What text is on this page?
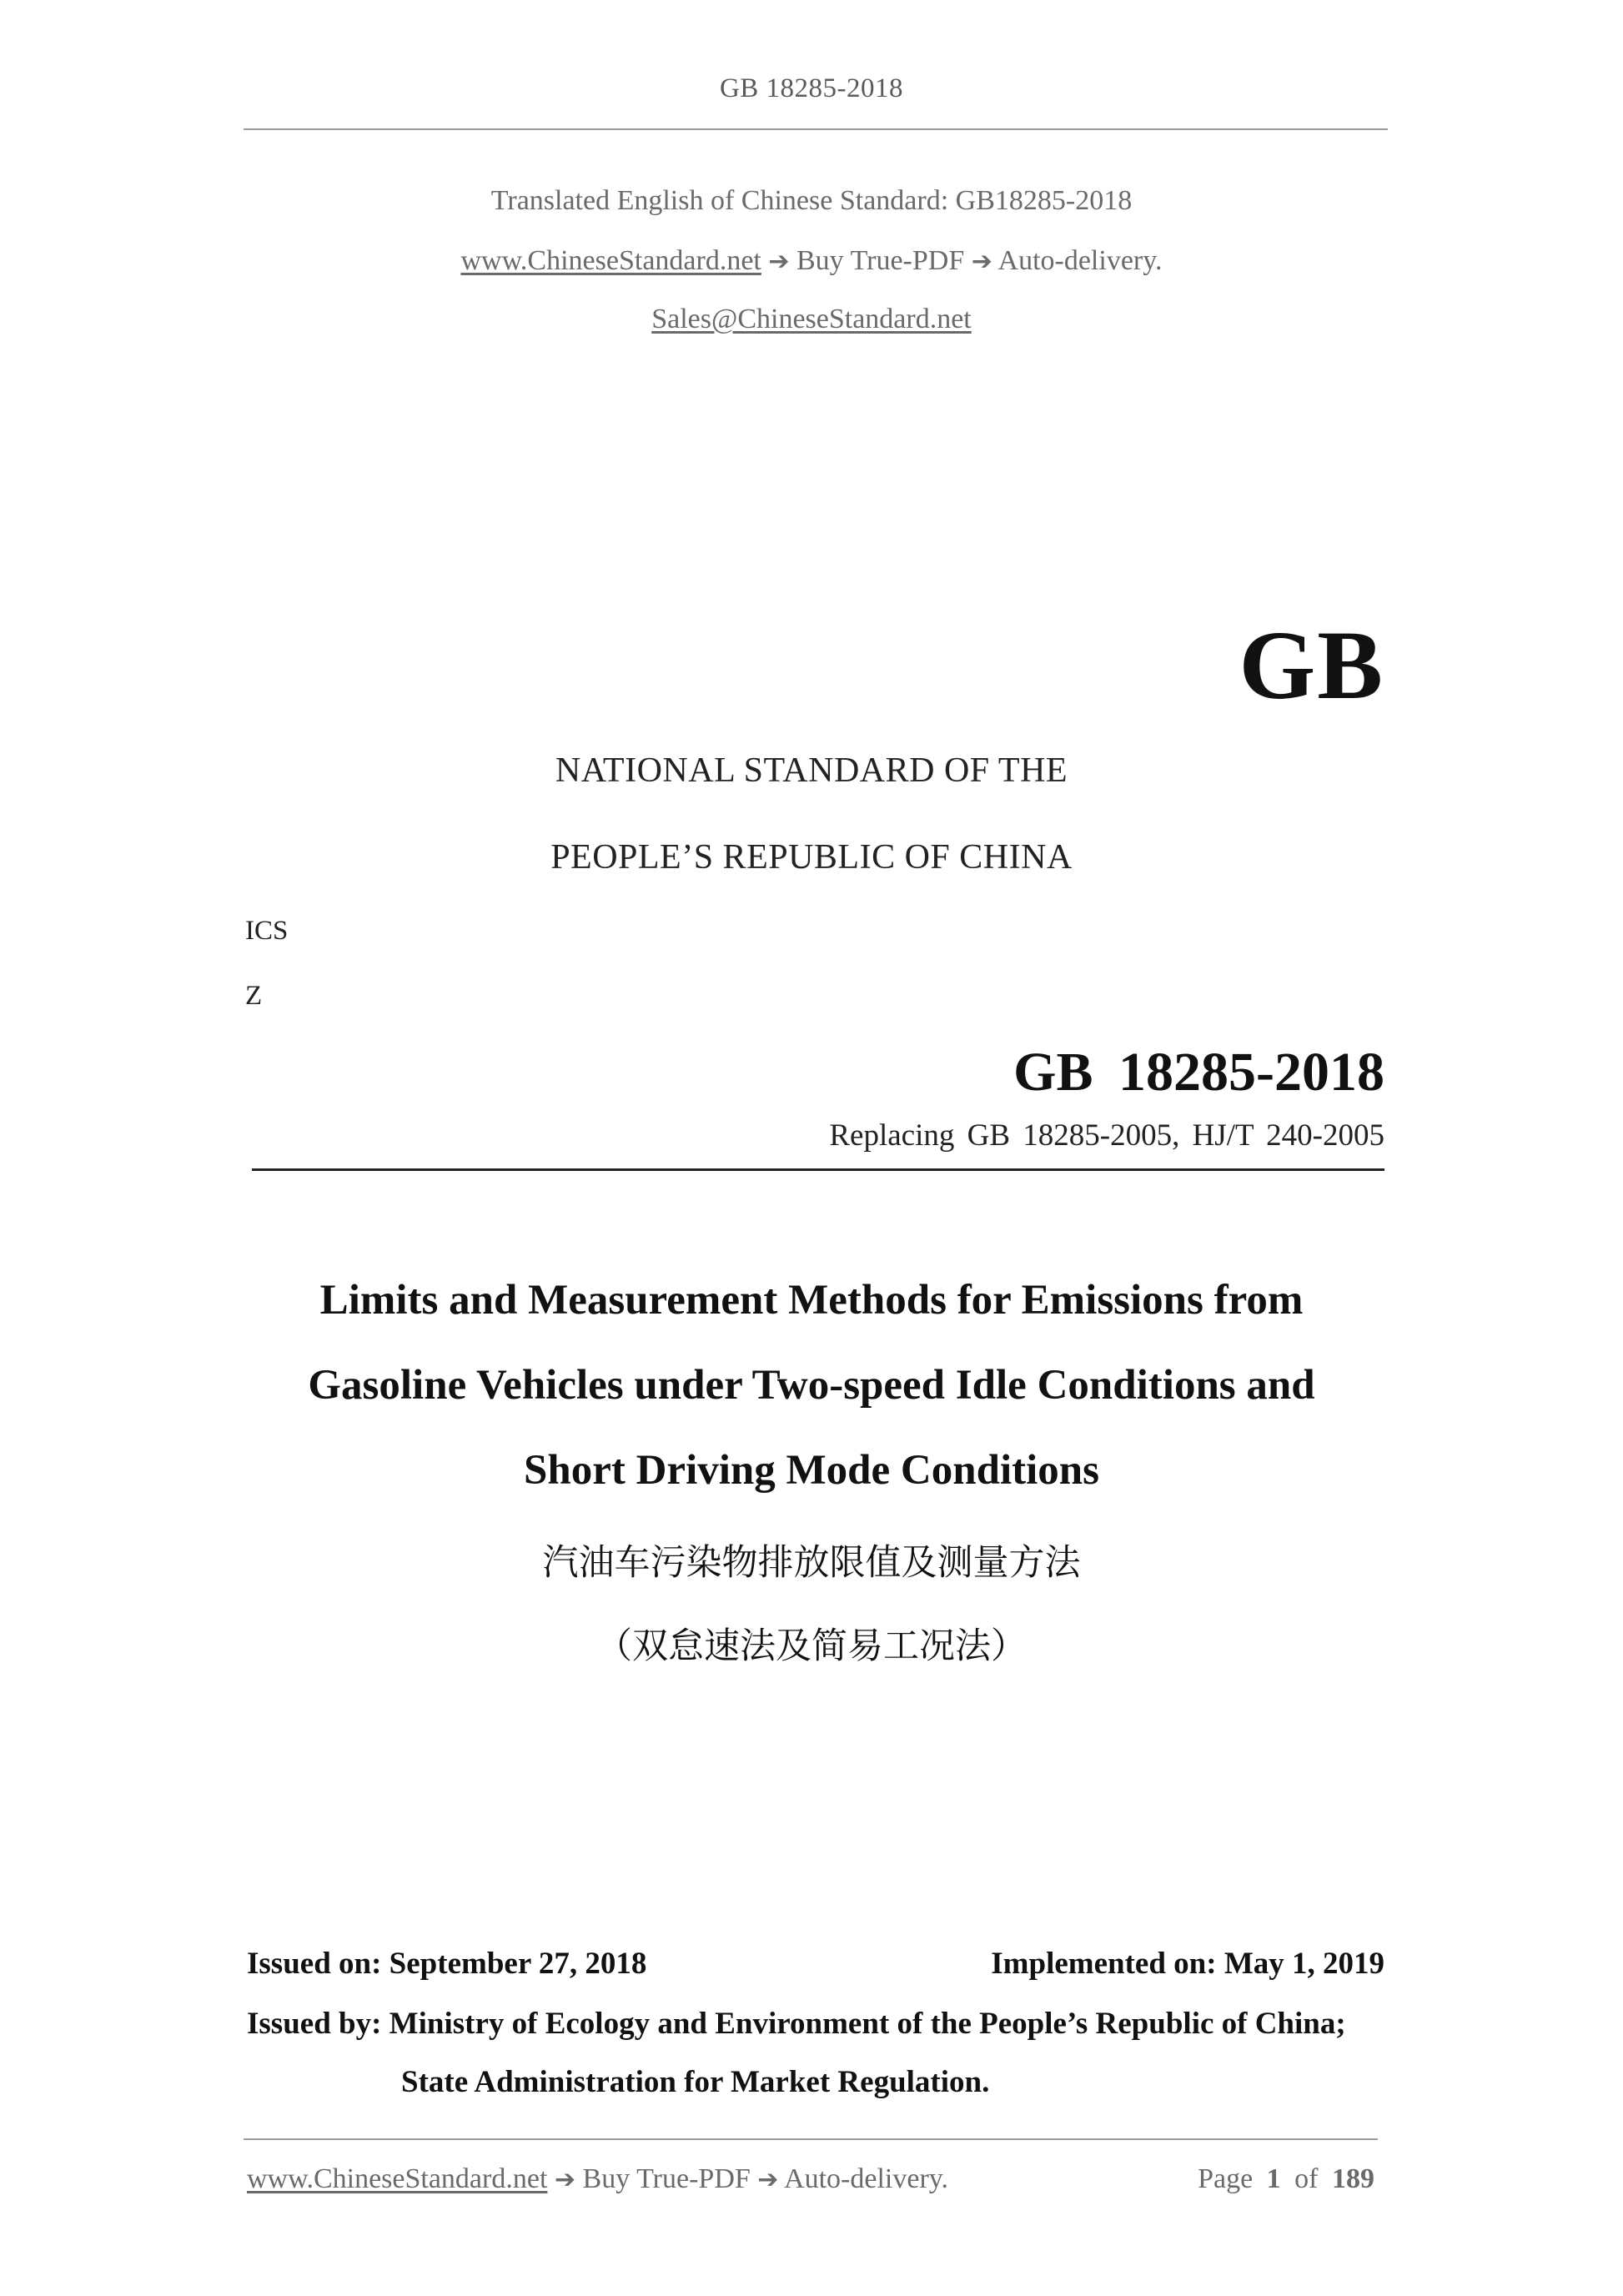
GB 18285-2018
Translated English of Chinese Standard: GB18285-2018
www.ChineseStandard.net ➔ Buy True-PDF ➔ Auto-delivery.
Sales@ChineseStandard.net
GB
NATIONAL STANDARD OF THE
PEOPLE’S REPUBLIC OF CHINA
ICS
Z
GB 18285-2018
Replacing GB 18285-2005, HJ/T 240-2005
Limits and Measurement Methods for Emissions from
Gasoline Vehicles under Two-speed Idle Conditions and
Short Driving Mode Conditions
汽油车污染物排放限值及测量方法
（双怠速法及简易工况法）
Issued on: September 27, 2018	Implemented on: May 1, 2019
Issued by: Ministry of Ecology and Environment of the People’s Republic of China;
State Administration for Market Regulation.
www.ChineseStandard.net ➔ Buy True-PDF ➔ Auto-delivery.	Page 1 of 189
